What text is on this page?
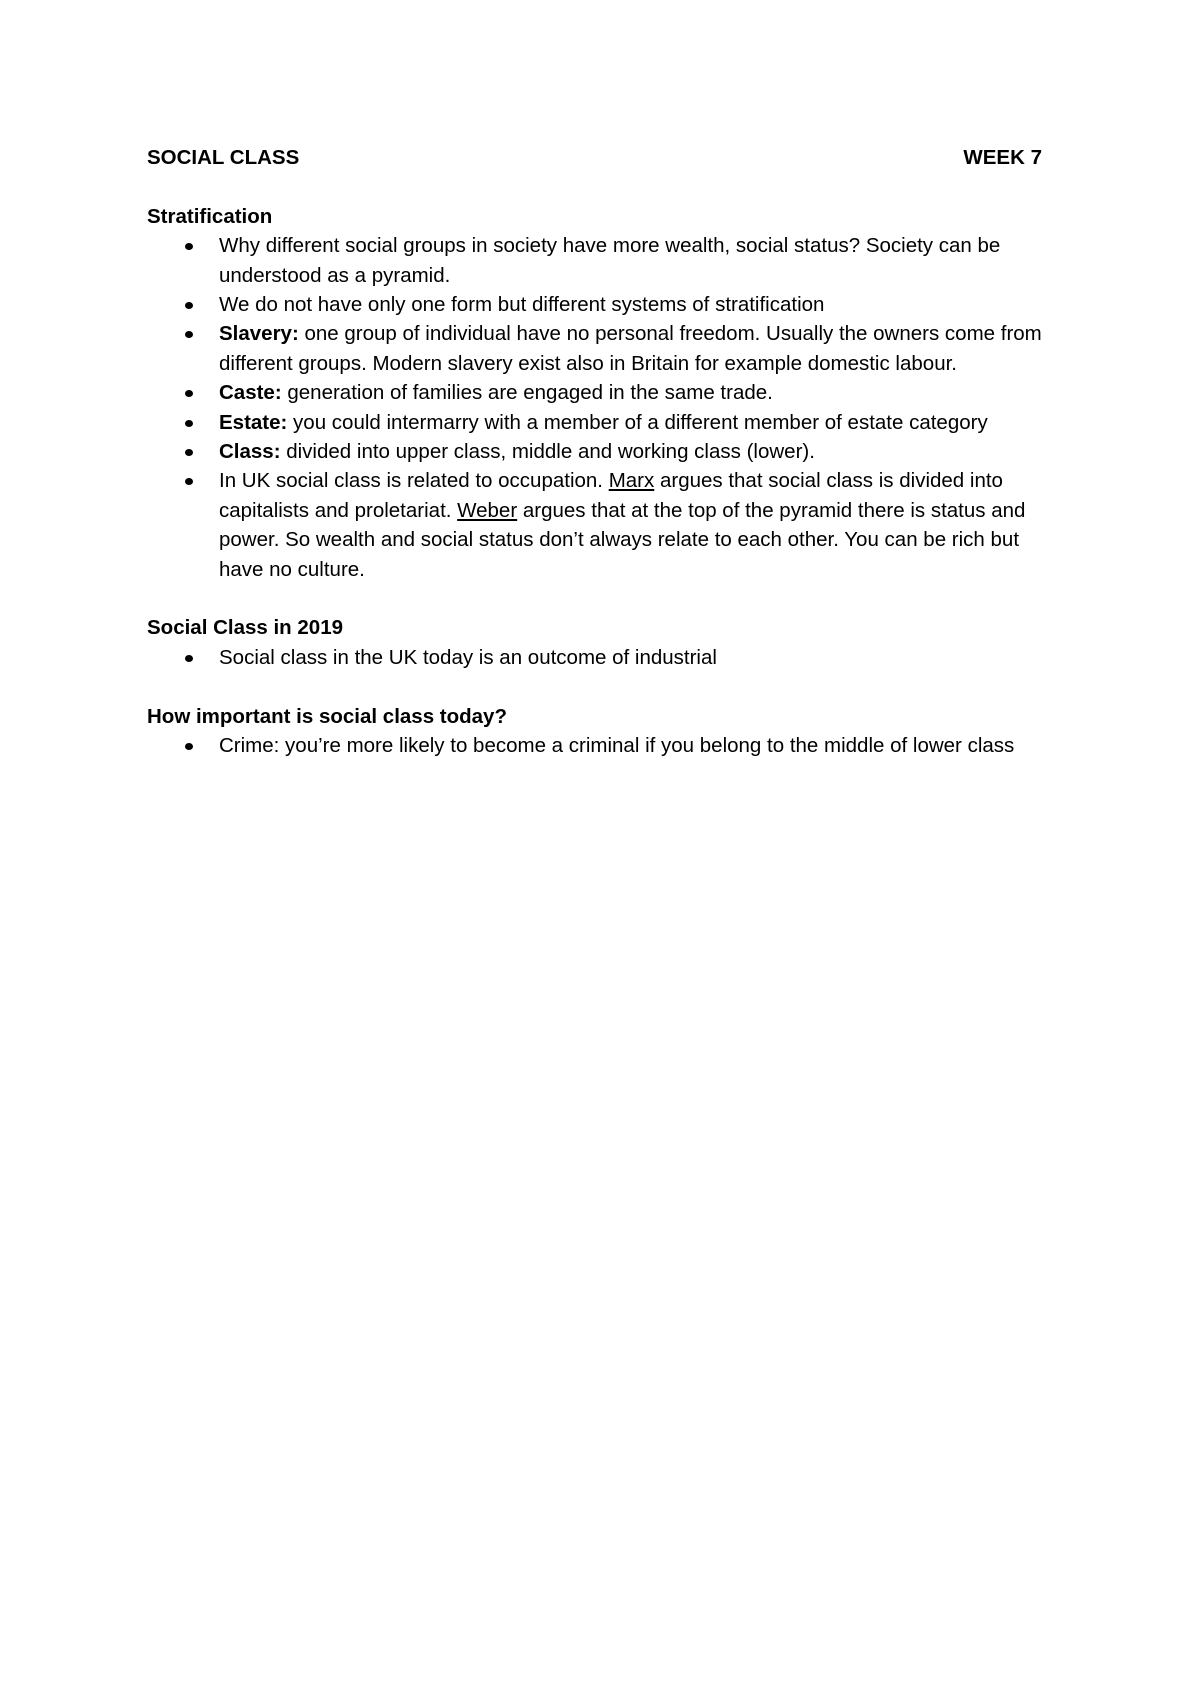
SOCIAL CLASS	WEEK 7

Stratification

Why different social groups in society have more wealth, social status? Society can be understood as a pyramid.
We do not have only one form but different systems of stratification
Slavery: one group of individual have no personal freedom. Usually the owners come from different groups. Modern slavery exist also in Britain for example domestic labour.
Caste: generation of families are engaged in the same trade.
Estate: you could intermarry with a member of a different member of estate category
Class: divided into upper class, middle and working class (lower).
In UK social class is related to occupation. Marx argues that social class is divided into capitalists and proletariat. Weber argues that at the top of the pyramid there is status and power. So wealth and social status don’t always relate to each other. You can be rich but have no culture.

Social Class in 2019

Social class in the UK today is an outcome of industrial

How important is social class today?

Crime: you’re more likely to become a criminal if you belong to the middle of lower class
